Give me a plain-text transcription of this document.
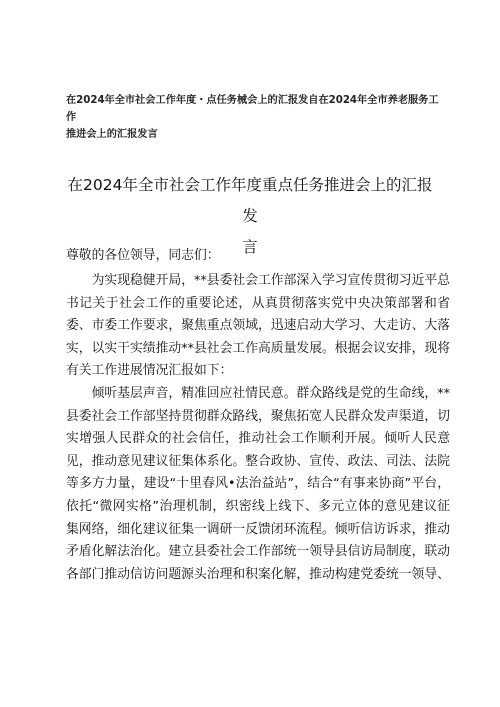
在2024年全市社会工作年度・点任务械会上的汇报发自在2024年全市养老服务工作
推进会上的汇报发言
在2024年全市社会工作年度重点任务推进会上的汇报发
言
尊敬的各位领导，同志们：

为实现稳健开局，**县委社会工作部深入学习宣传贯彻习近平总书记关于社会工作的重要论述，从真贯彻落实党中央决策部署和省委、市委工作要求，聚焦重点领域，迅速启动大学习、大走访、大落实，以实干实绩推动**县社会工作高质量发展。根据会议安排，现将有关工作进展情况汇报如下：

倾听基层声音，精准回应社情民意。群众路线是党的生命线，**县委社会工作部坚持贯彻群众路线，聚焦拓宽人民群众发声渠道，切实增强人民群众的社会信任，推动社会工作顺利开展。倾听人民意见，推动意见建议征集体系化。整合政协、宣传、政法、司法、法院等多方力量，建设“十里春风•法治益站”，结合“有事来协商”平台，依托“微网实格”治理机制，织密线上线下、多元立体的意见建议征集网络，细化建议征集一调研一反馈闭环流程。倾听信访诉求，推动矛盾化解法治化。建立县委社会工作部统一领导县信访局制度，联动各部门推动信访问题源头治理和积案化解，推动构建党委统一领导、
